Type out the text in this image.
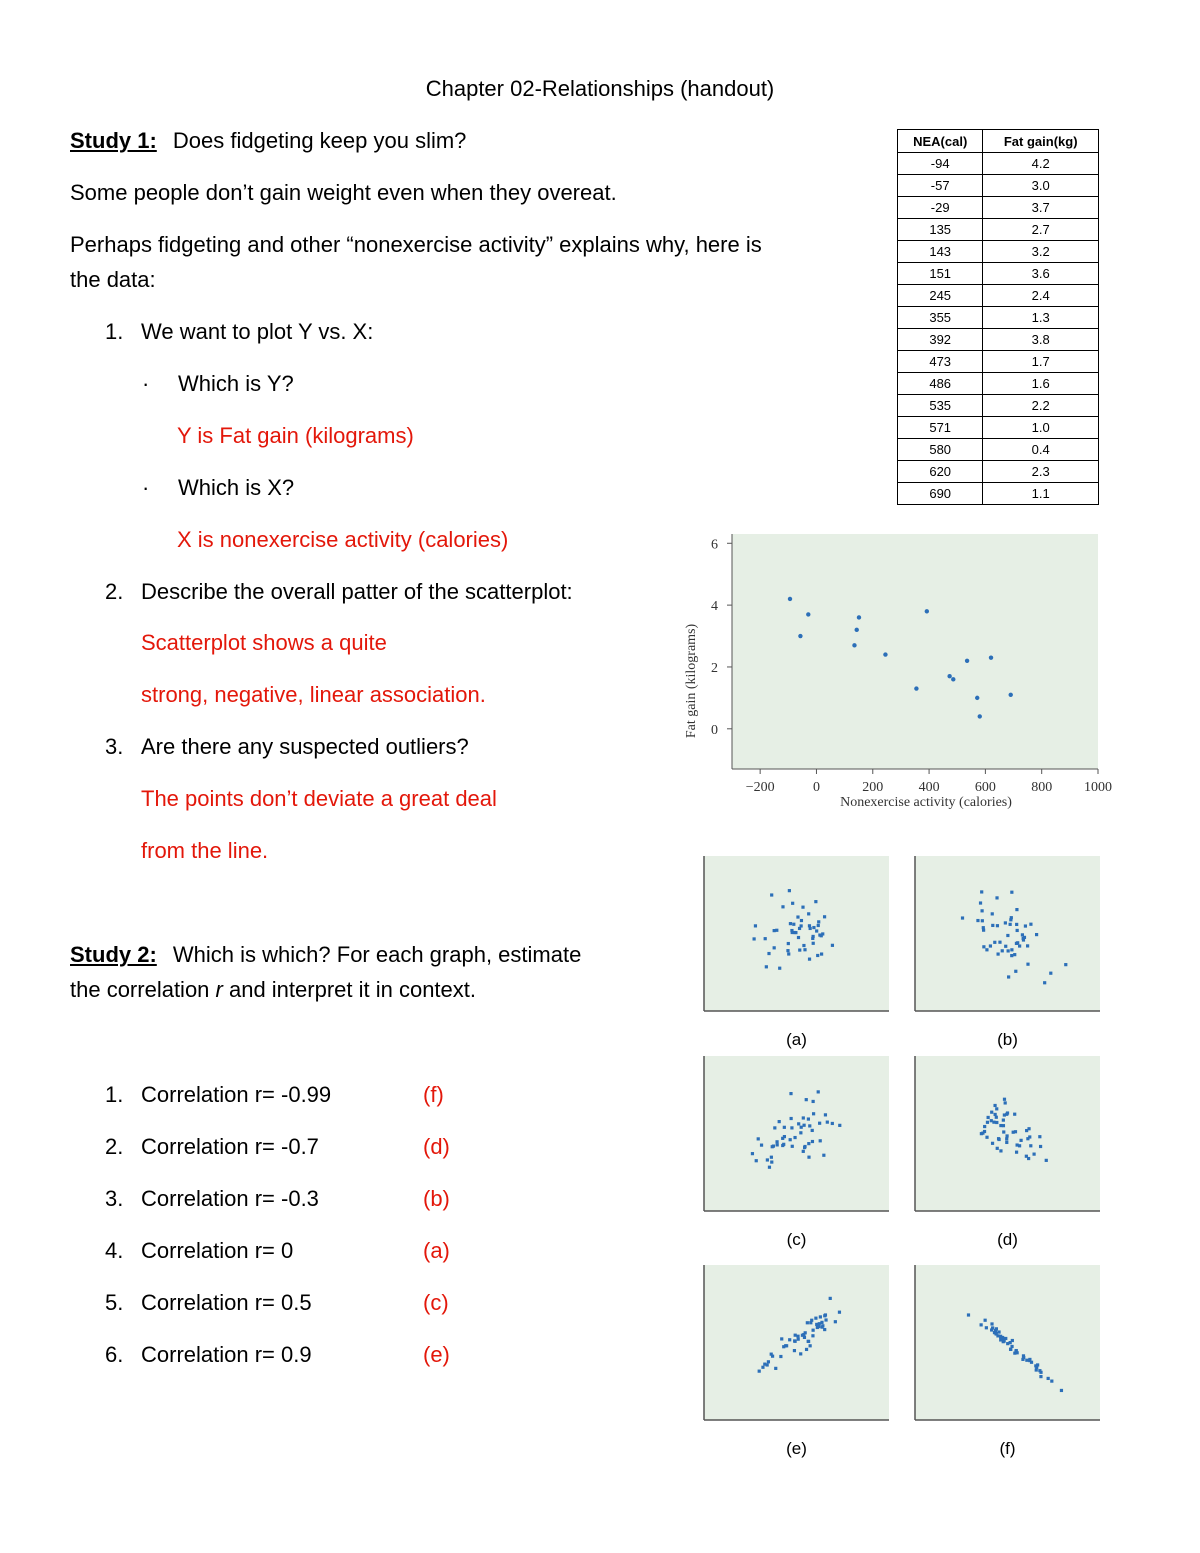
Chapter 02-Relationships (handout)
Study 1: Does fidgeting keep you slim?
Some people don’t gain weight even when they overeat.
Perhaps fidgeting and other “nonexercise activity” explains why, here is
the data:
1. We want to plot Y vs. X:
· Which is Y?
Y is Fat gain (kilograms)
· Which is X?
X is nonexercise activity (calories)
2. Describe the overall patter of the scatterplot:
Scatterplot shows a quite
strong, negative, linear association.
3. Are there any suspected outliers?
The points don’t deviate a great deal
from the line.
NEA(cal)	Fat gain(kg)
-94	4.2
-57	3.0
-29	3.7
135	2.7
143	3.2
151	3.6
245	2.4
355	1.3
392	3.8
473	1.7
486	1.6
535	2.2
571	1.0
580	0.4
620	2.3
690	1.1
−200	0	200	400	600	800 1000
0
2
4
6
Nonexercise activity (calories)
Fat gain (kilograms)
(a)	(b)
(c)	(d)
(e)	(f)
Study 2: Which is which? For each graph, estimate
the correlation r and interpret it in context.
1. Correlation r= -0.99	(f)
2. Correlation r= -0.7	(d)
3. Correlation r= -0.3	(b)
4. Correlation r= 0	(a)
5. Correlation r= 0.5	(c)
6. Correlation r= 0.9	(e)
